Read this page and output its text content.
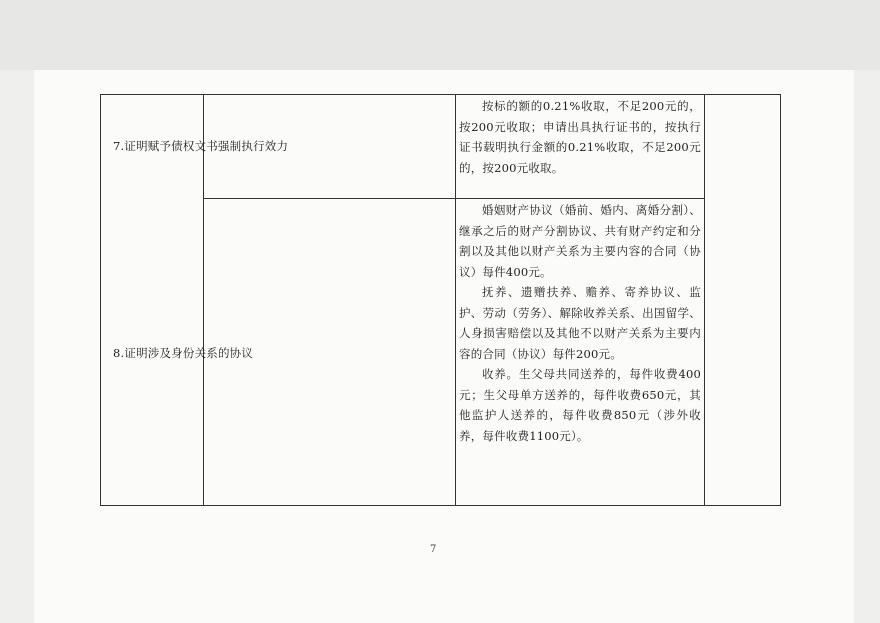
7.证明赋予债权文书强制执行效力

按标的额的0.21%收取，不足200元的，按200元收取；申请出具执行证书的，按执行证书载明执行金额的0.21%收取，不足200元的，按200元收取。

8.证明涉及身份关系的协议

婚姻财产协议（婚前、婚内、离婚分割）、继承之后的财产分割协议、共有财产约定和分割以及其他以财产关系为主要内容的合同（协议）每件400元。

抚养、遗赠扶养、赡养、寄养协议、监护、劳动（劳务）、解除收养关系、出国留学、人身损害赔偿以及其他不以财产关系为主要内容的合同（协议）每件200元。

收养。生父母共同送养的，每件收费400元；生父母单方送养的，每件收费650元，其他监护人送养的，每件收费850元（涉外收养，每件收费1100元）。

7
